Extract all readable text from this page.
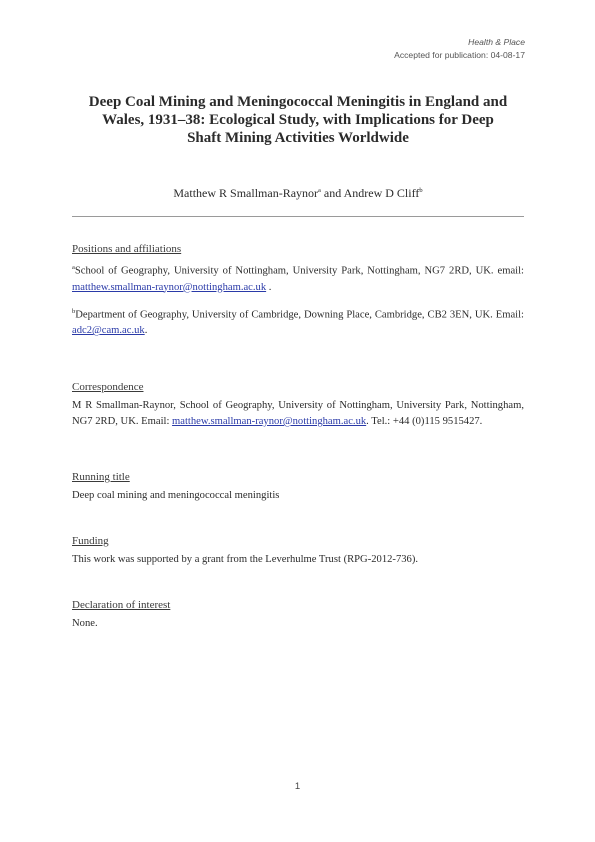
Health & Place
Accepted for publication: 04-08-17
Deep Coal Mining and Meningococcal Meningitis in England and
Wales, 1931–38: Ecological Study, with Implications for Deep
Shaft Mining Activities Worldwide
Matthew R Smallman-Raynor$^a$ and Andrew D Cliff$^b$
Positions and affiliations

$^a$School of Geography, University of Nottingham, University Park, Nottingham, NG7 2RD, UK. email: matthew.smallman-raynor@nottingham.ac.uk .

$^b$Department of Geography, University of Cambridge, Downing Place, Cambridge, CB2 3EN, UK. Email: adc2@cam.ac.uk.

Correspondence

M R Smallman-Raynor, School of Geography, University of Nottingham, University Park, Nottingham, NG7 2RD, UK. Email: matthew.smallman-raynor@nottingham.ac.uk. Tel.: +44 (0)115 9515427.

Running title

Deep coal mining and meningococcal meningitis

Funding

This work was supported by a grant from the Leverhulme Trust (RPG-2012-736).

Declaration of interest

None.

1
